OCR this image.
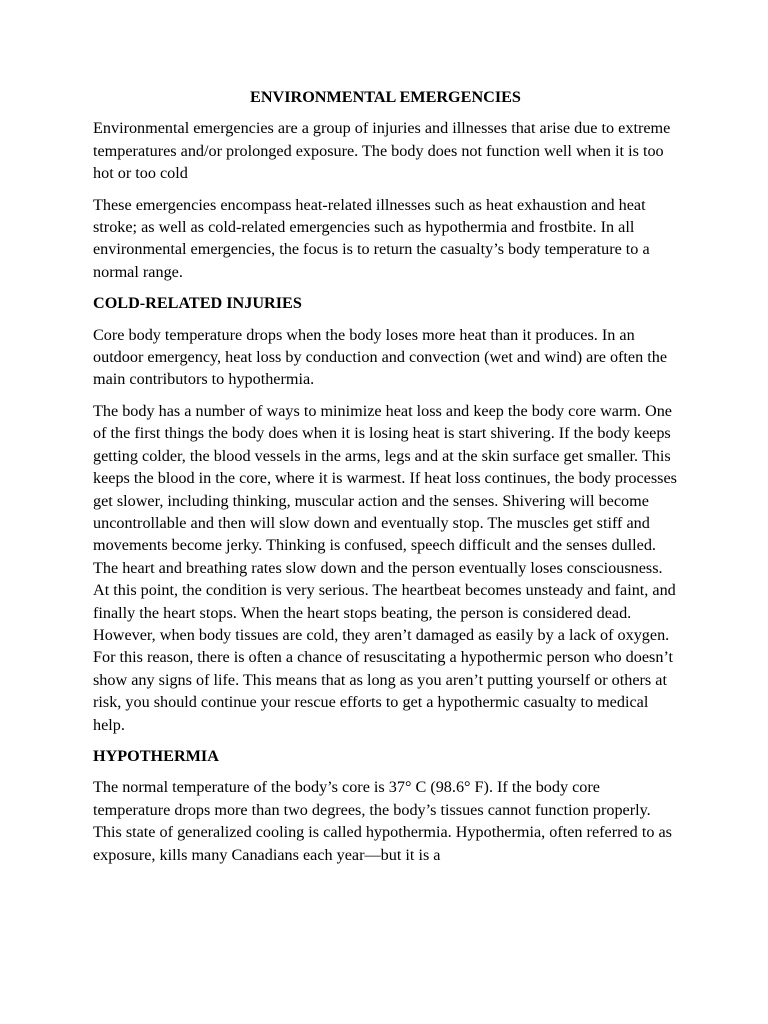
ENVIRONMENTAL EMERGENCIES
Environmental emergencies are a group of injuries and illnesses that arise due to extreme temperatures and/or prolonged exposure. The body does not function well when it is too hot or too cold
These emergencies encompass heat-related illnesses such as heat exhaustion and heat stroke; as well as cold-related emergencies such as hypothermia and frostbite. In all environmental emergencies, the focus is to return the casualty’s body temperature to a normal range.
COLD-RELATED INJURIES
Core body temperature drops when the body loses more heat than it produces. In an outdoor emergency, heat loss by conduction and convection (wet and wind) are often the main contributors to hypothermia.
The body has a number of ways to minimize heat loss and keep the body core warm. One of the first things the body does when it is losing heat is start shivering. If the body keeps getting colder, the blood vessels in the arms, legs and at the skin surface get smaller. This keeps the blood in the core, where it is warmest. If heat loss continues, the body processes get slower, including thinking, muscular action and the senses. Shivering will become uncontrollable and then will slow down and eventually stop. The muscles get stiff and movements become jerky. Thinking is confused, speech difficult and the senses dulled. The heart and breathing rates slow down and the person eventually loses consciousness. At this point, the condition is very serious. The heartbeat becomes unsteady and faint, and finally the heart stops. When the heart stops beating, the person is considered dead. However, when body tissues are cold, they aren’t damaged as easily by a lack of oxygen. For this reason, there is often a chance of resuscitating a hypothermic person who doesn’t show any signs of life. This means that as long as you aren’t putting yourself or others at risk, you should continue your rescue efforts to get a hypothermic casualty to medical help.
HYPOTHERMIA
The normal temperature of the body’s core is 37° C (98.6° F). If the body core temperature drops more than two degrees, the body’s tissues cannot function properly. This state of generalized cooling is called hypothermia. Hypothermia, often referred to as exposure, kills many Canadians each year—but it is a
